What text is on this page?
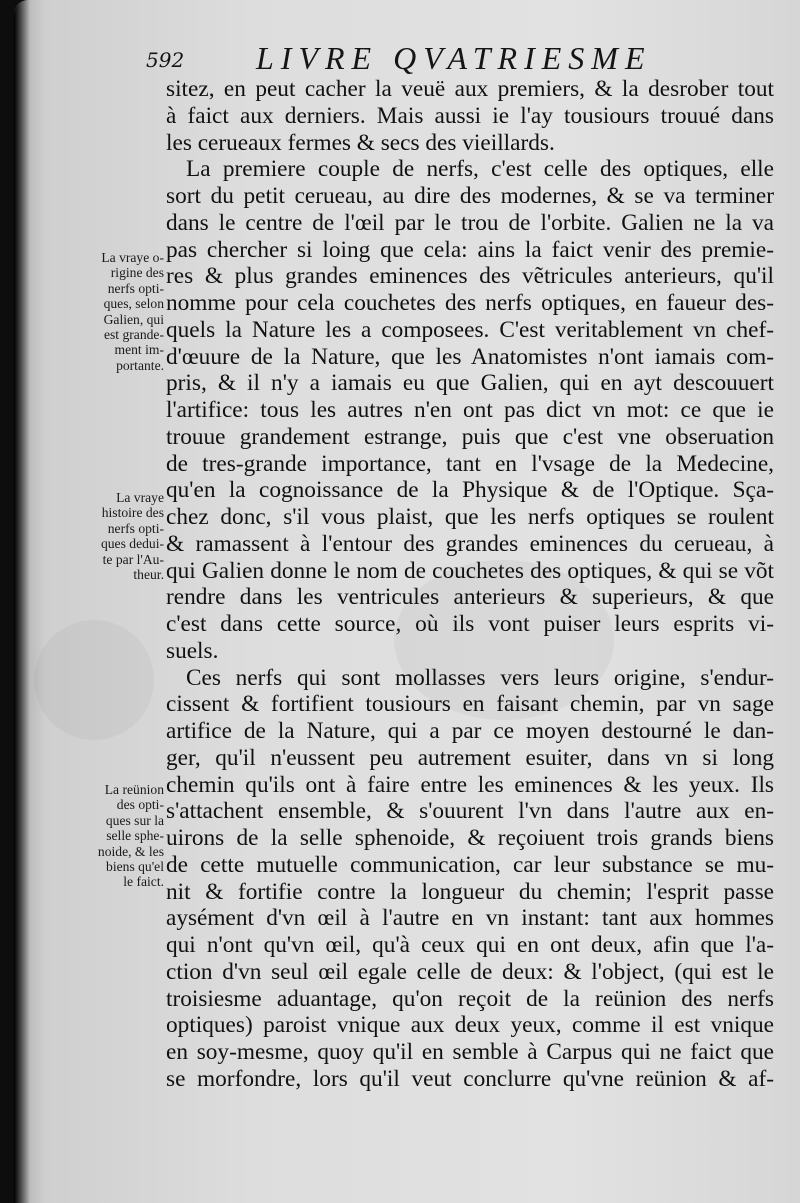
592 LIVRE QVATRIESME
La vraye o-
rigine des
nerfs opti-
ques, selon
Galien, qui
est grande-
ment im-
portante.
La vraye
histoire des
nerfs opti-
ques dedui-
te par l'Au-
theur.
La reünion
des opti-
ques sur la
selle sphe-
noide, & les
biens qu'el
le faict.
sitez, en peut cacher la veuë aux premiers, & la desrober tout
à faict aux derniers. Mais aussi ie l'ay tousiours trouué dans
les cerueaux fermes & secs des vieillards.
La premiere couple de nerfs, c'est celle des optiques, elle
sort du petit cerueau, au dire des modernes, & se va terminer
dans le centre de l'œil par le trou de l'orbite. Galien ne la va
pas chercher si loing que cela: ains la faict venir des premie-
res & plus grandes eminences des vẽtricules anterieurs, qu'il
nomme pour cela couchetes des nerfs optiques, en faueur des-
quels la Nature les a composees. C'est veritablement vn chef-
d'œuure de la Nature, que les Anatomistes n'ont iamais com-
pris, & il n'y a iamais eu que Galien, qui en ayt descouuert
l'artifice: tous les autres n'en ont pas dict vn mot: ce que ie
trouue grandement estrange, puis que c'est vne obseruation
de tres-grande importance, tant en l'vsage de la Medecine,
qu'en la cognoissance de la Physique & de l'Optique. Sça-
chez donc, s'il vous plaist, que les nerfs optiques se roulent
& ramassent à l'entour des grandes eminences du cerueau, à
qui Galien donne le nom de couchetes des optiques, & qui se võt
rendre dans les ventricules anterieurs & superieurs, & que
c'est dans cette source, où ils vont puiser leurs esprits vi-
suels.
Ces nerfs qui sont mollasses vers leurs origine, s'endur-
cissent & fortifient tousiours en faisant chemin, par vn sage
artifice de la Nature, qui a par ce moyen destourné le dan-
ger, qu'il n'eussent peu autrement esuiter, dans vn si long
chemin qu'ils ont à faire entre les eminences & les yeux. Ils
s'attachent ensemble, & s'ouurent l'vn dans l'autre aux en-
uirons de la selle sphenoide, & reçoiuent trois grands biens
de cette mutuelle communication, car leur substance se mu-
nit & fortifie contre la longueur du chemin; l'esprit passe
aysément d'vn œil à l'autre en vn instant: tant aux hommes
qui n'ont qu'vn œil, qu'à ceux qui en ont deux, afin que l'a-
ction d'vn seul œil egale celle de deux: & l'object, (qui est le
troisiesme aduantage, qu'on reçoit de la reünion des nerfs
optiques) paroist vnique aux deux yeux, comme il est vnique
en soy-mesme, quoy qu'il en semble à Carpus qui ne faict que
se morfondre, lors qu'il veut conclurre qu'vne reünion & af-
